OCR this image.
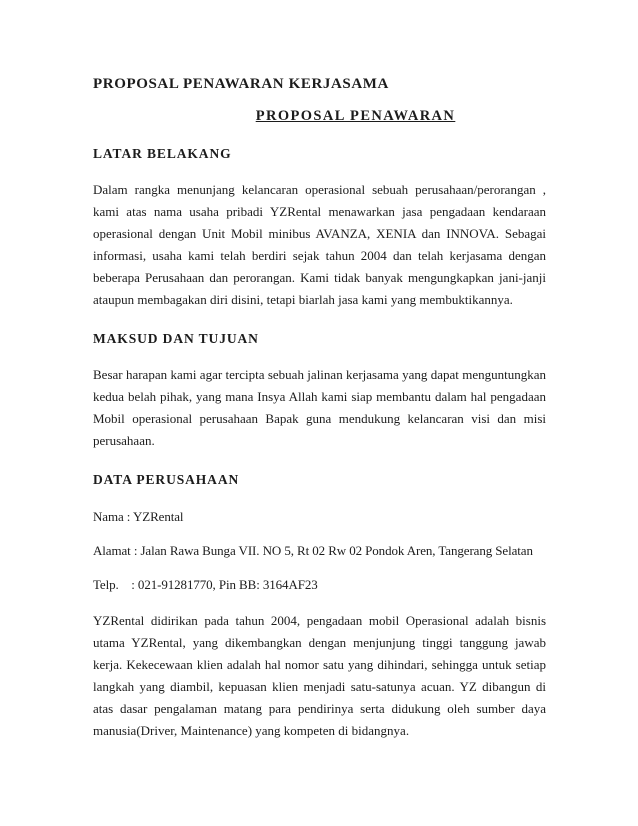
PROPOSAL PENAWARAN KERJASAMA
PROPOSAL PENAWARAN
LATAR BELAKANG
Dalam rangka menunjang kelancaran operasional sebuah perusahaan/perorangan , kami atas nama usaha pribadi YZRental menawarkan jasa pengadaan kendaraan operasional dengan Unit Mobil minibus AVANZA, XENIA dan INNOVA. Sebagai informasi, usaha kami telah berdiri sejak tahun 2004 dan telah kerjasama dengan beberapa Perusahaan dan perorangan. Kami tidak banyak mengungkapkan jani-janji ataupun membagakan diri disini, tetapi biarlah jasa kami yang membuktikannya.
MAKSUD DAN TUJUAN
Besar harapan kami agar tercipta sebuah jalinan kerjasama yang dapat menguntungkan kedua belah pihak, yang mana Insya Allah kami siap membantu dalam hal pengadaan Mobil operasional perusahaan Bapak guna mendukung kelancaran visi dan misi perusahaan.
DATA PERUSAHAAN
Nama : YZRental
Alamat : Jalan Rawa Bunga VII. NO 5, Rt 02 Rw 02 Pondok Aren, Tangerang Selatan
Telp.    : 021-91281770, Pin BB: 3164AF23
YZRental didirikan pada tahun 2004, pengadaan mobil Operasional adalah bisnis utama YZRental, yang dikembangkan dengan menjunjung tinggi tanggung jawab kerja. Kekecewaan klien adalah hal nomor satu yang dihindari, sehingga untuk setiap langkah yang diambil, kepuasan klien menjadi satu-satunya acuan. YZ dibangun di atas dasar pengalaman matang para pendirinya serta didukung oleh sumber daya manusia(Driver, Maintenance) yang kompeten di bidangnya.
